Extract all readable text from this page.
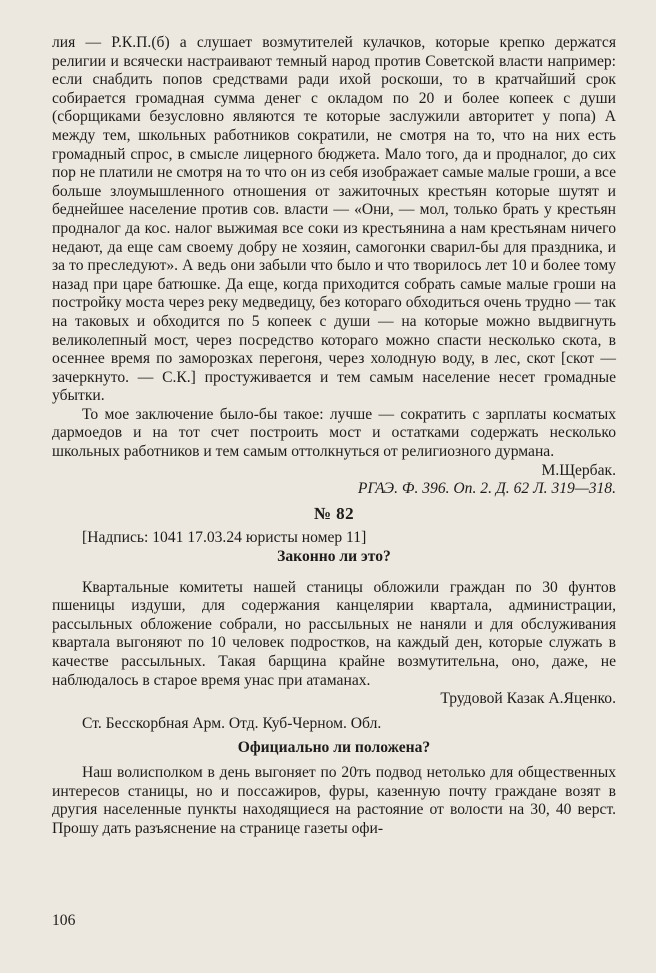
лия — Р.К.П.(б) а слушает возмутителей кулачков, которые крепко держатся религии и всячески настраивают темный народ против Советской власти например: если снабдить попов средствами ради ихой роскоши, то в кратчайший срок собирается громадная сумма денег с окладом по 20 и более копеек с души (сборщиками безусловно являются те которые заслужили авторитет у попа) А между тем, школьных работников сократили, не смотря на то, что на них есть громадный спрос, в смысле лицерного бюджета. Мало того, да и продналог, до сих пор не платили не смотря на то что он из себя изображает самые малые гроши, а все больше злоумышленного отношения от зажиточных крестьян которые шутят и беднейшее население против сов. власти — «Они, — мол, только брать у крестьян продналог да кос. налог выжимая все соки из крестьянина а нам крестьянам ничего недают, да еще сам своему добру не хозяин, самогонки сварил-бы для праздника, и за то преследуют». А ведь они забыли что было и что творилось лет 10 и более тому назад при царе батюшке. Да еще, когда приходится собрать самые малые гроши на постройку моста через реку медведицу, без котораго обходиться очень трудно — так на таковых и обходится по 5 копеек с души — на которые можно выдвигнуть великолепный мост, через посредство котораго можно спасти несколько скота, в осеннее время по заморозках перегоня, через холодную воду, в лес, скот [скот — зачеркнуто. — С.К.] простуживается и тем самым население несет громадные убытки.

То мое заключение было-бы такое: лучше — сократить с зарплаты косматых дармоедов и на тот счет построить мост и остатками содержать несколько школьных работников и тем самым оттолкнуться от религиозного дурмана.

М.Щербак.

РГАЭ. Ф. 396. Оп. 2. Д. 62 Л. 319—318.

№ 82

[Надпись: 1041 17.03.24 юристы номер 11]

Законно ли это?

Квартальные комитеты нашей станицы обложили граждан по 30 фунтов пшеницы издуши, для содержания канцелярии квартала, администрации, рассыльных обложение собрали, но рассыльных не наняли и для обслуживания квартала выгоняют по 10 человек подростков, на каждый ден, которые служать в качестве рассыльных. Такая барщина крайне возмутительна, оно, даже, не наблюдалось в старое время унас при атаманах.

Трудовой Казак А.Яценко.

Ст. Бесскорбная Арм. Отд. Куб-Черном. Обл.

Официально ли положена?

Наш волисполком в день выгоняет по 20ть подвод нетолько для общественных интересов станицы, но и поссажиров, фуры, казенную почту граждане возят в другия населенные пункты находящиеся на растояние от волости на 30, 40 верст. Прошу дать разъяснение на странице газеты офи-

106
